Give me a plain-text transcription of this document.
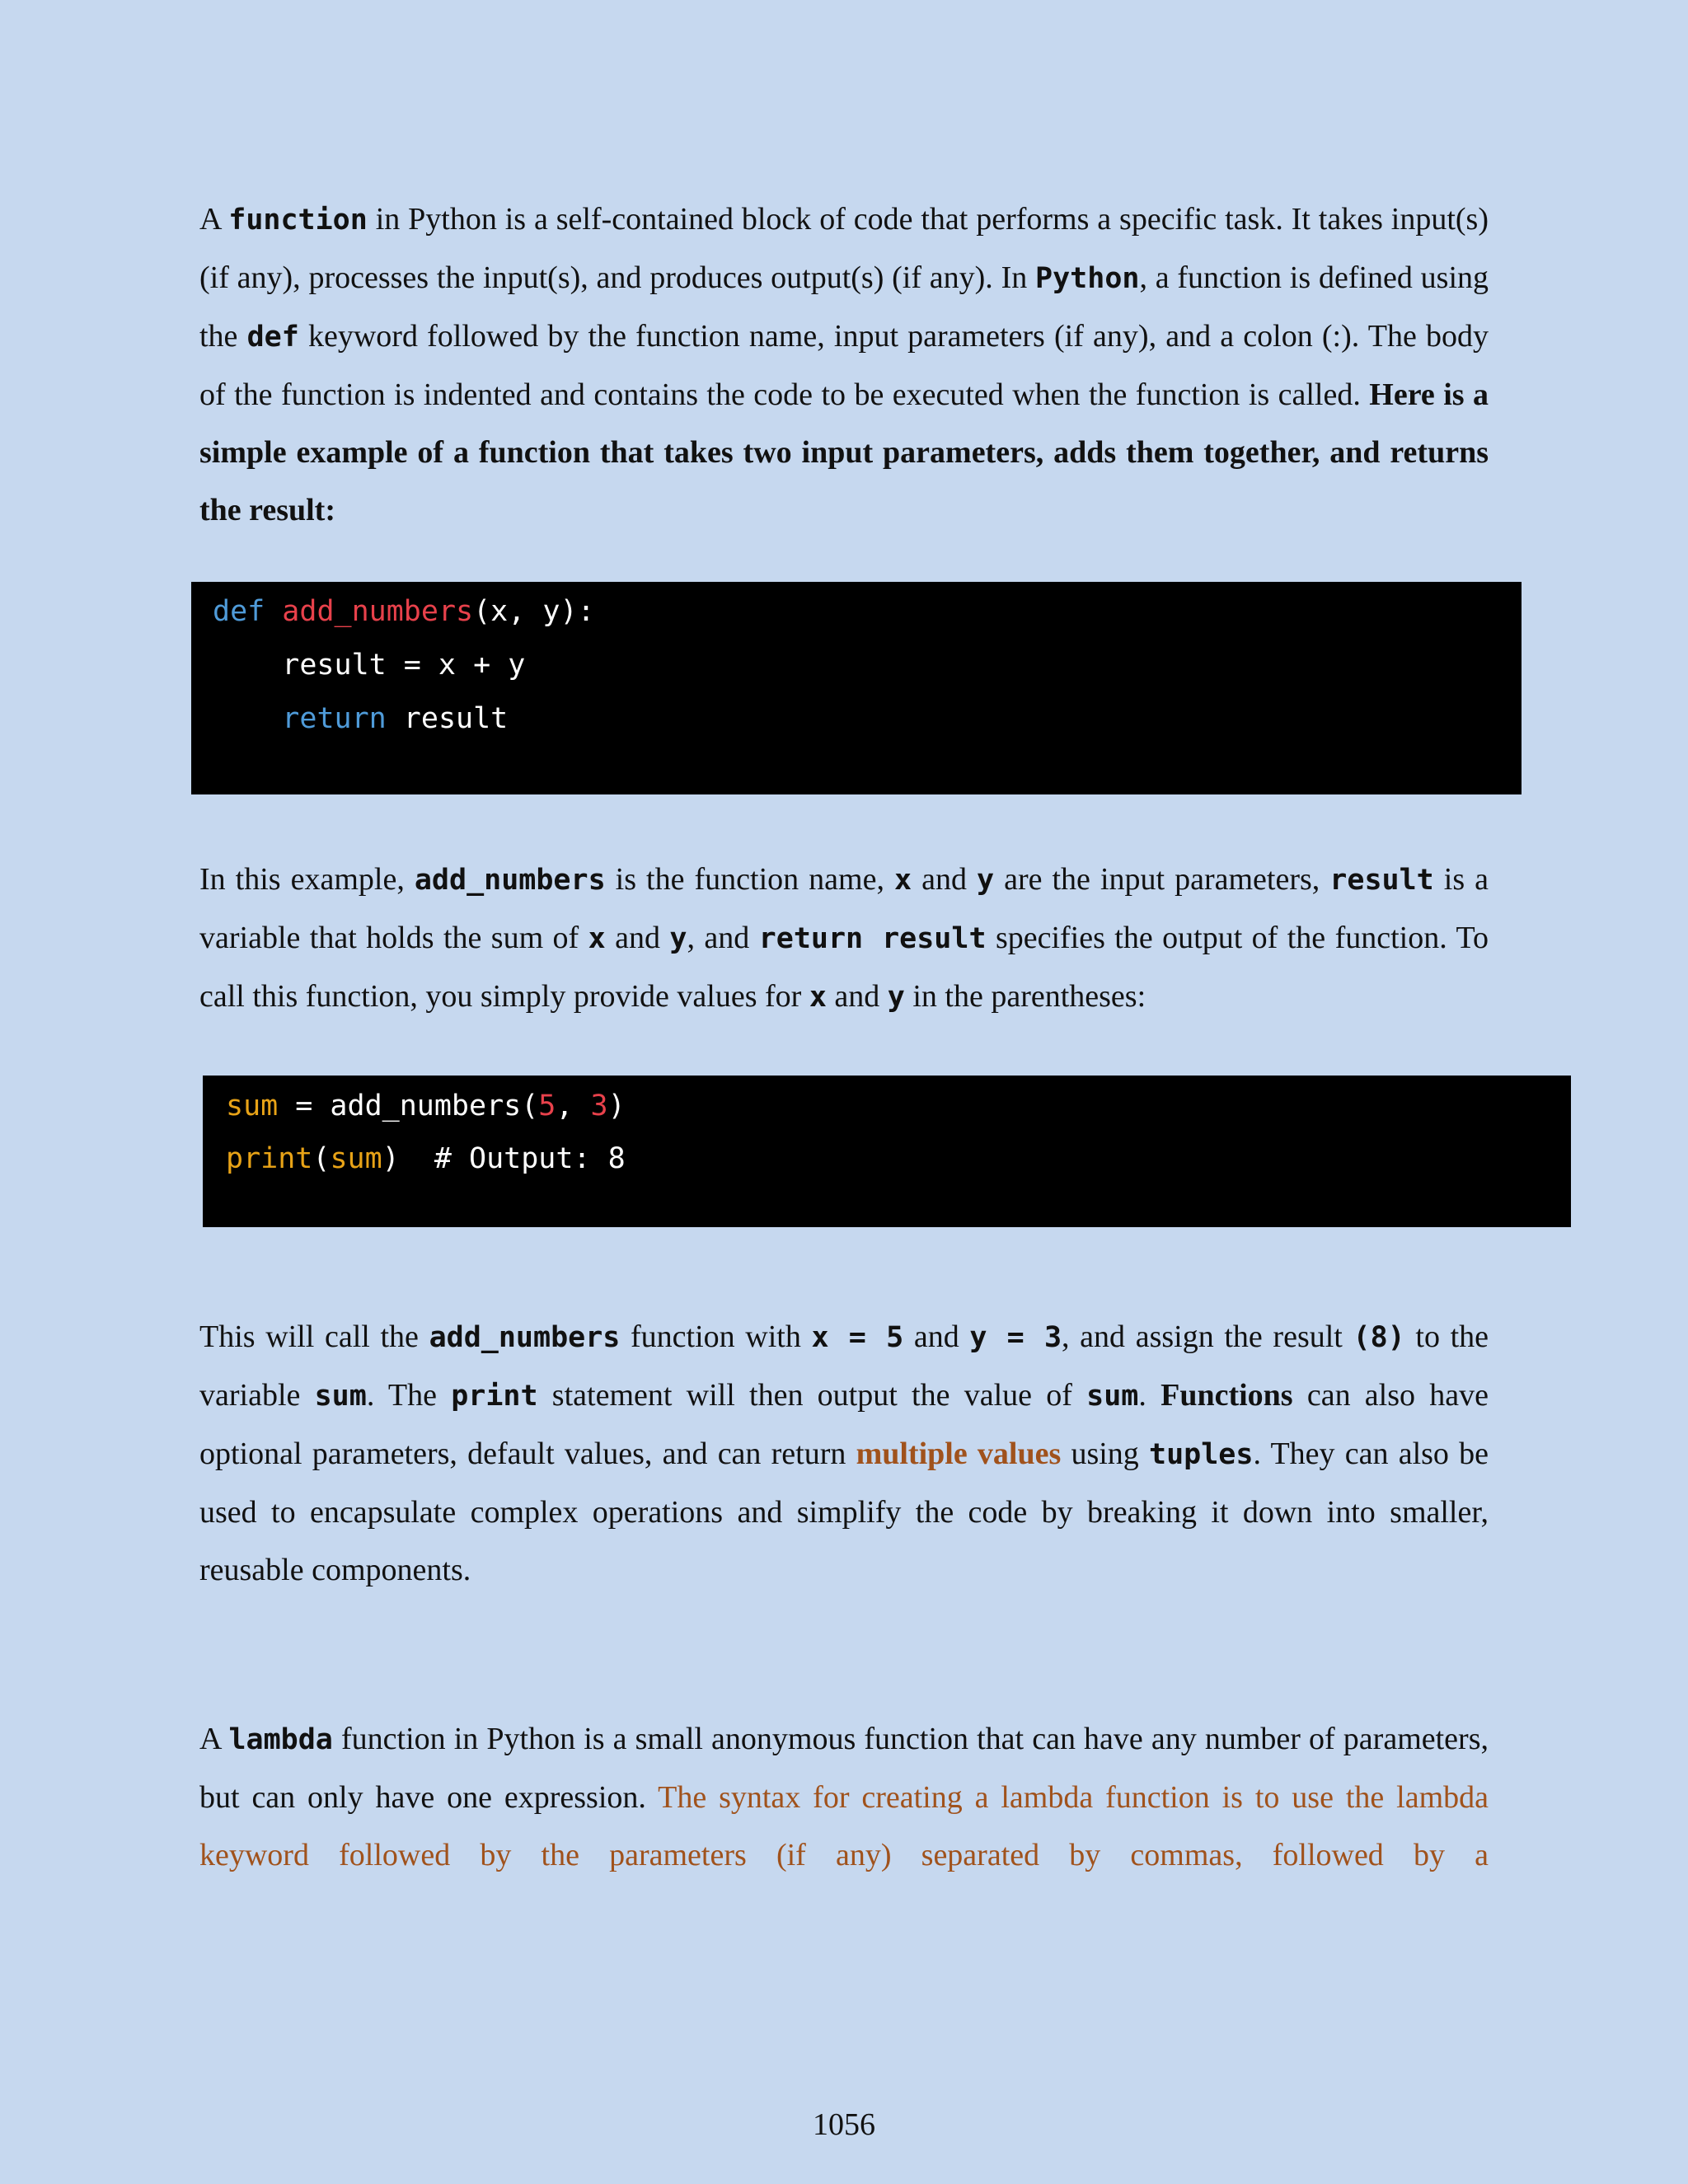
A function in Python is a self-contained block of code that performs a specific task. It takes input(s) (if any), processes the input(s), and produces output(s) (if any). In Python, a function is defined using the def keyword followed by the function name, input parameters (if any), and a colon (:). The body of the function is indented and contains the code to be executed when the function is called. Here is a simple example of a function that takes two input parameters, adds them together, and returns the result:

def add_numbers(x, y):
result = x + y
return result

In this example, add_numbers is the function name, x and y are the input parameters, result is a variable that holds the sum of x and y, and return result specifies the output of the function. To call this function, you simply provide values for x and y in the parentheses:

sum = add_numbers(5, 3)
print(sum)  # Output: 8

This will call the add_numbers function with x = 5 and y = 3, and assign the result (8) to the variable sum. The print statement will then output the value of sum. Functions can also have optional parameters, default values, and can return multiple values using tuples. They can also be used to encapsulate complex operations and simplify the code by breaking it down into smaller, reusable components.

A lambda function in Python is a small anonymous function that can have any number of parameters, but can only have one expression. The syntax for creating a lambda function is to use the lambda keyword followed by the parameters (if any) separated by commas, followed by a

1056
